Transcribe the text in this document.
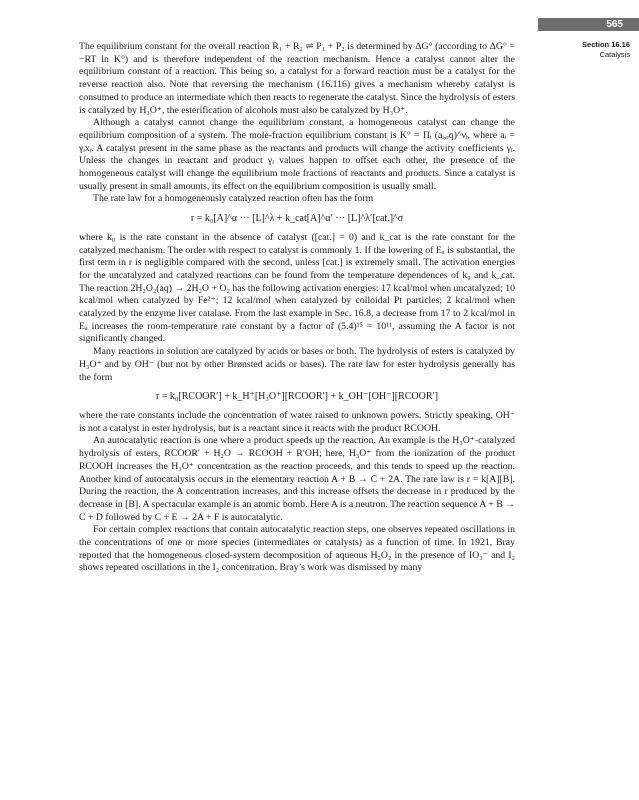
565
Section 16.16
Catalysis

The equilibrium constant for the overall reaction R₁ + R₂ ⇌ P₁ + P₂ is determined by ΔG° (according to ΔG° = −RT ln K°) and is therefore independent of the reaction mechanism. Hence a catalyst cannot alter the equilibrium constant of a reaction. This being so, a catalyst for a forward reaction must be a catalyst for the reverse reaction also. Note that reversing the mechanism (16.116) gives a mechanism whereby catalyst is consumed to produce an intermediate which then reacts to regenerate the catalyst. Since the hydrolysis of esters is catalyzed by H₃O⁺, the esterification of alcohols must also be catalyzed by H₃O⁺.

Although a catalyst cannot change the equilibrium constant, a homogeneous catalyst can change the equilibrium composition of a system. The mole-fraction equilibrium constant is K° = Πᵢ (aᵢ,ₑq)^νᵢ, where aᵢ = γᵢxᵢ. A catalyst present in the same phase as the reactants and products will change the activity coefficients γᵢ. Unless the changes in reactant and product γᵢ values happen to offset each other, the presence of the homogeneous catalyst will change the equilibrium mole fractions of reactants and products. Since a catalyst is usually present in small amounts, its effect on the equilibrium composition is usually small.

The rate law for a homogeneously catalyzed reaction often has the form

r = k₀[A]^α ··· [L]^λ + k_cat[A]^α′ ··· [L]^λ′[cat.]^σ

where k₀ is the rate constant in the absence of catalyst ([cat.] = 0) and k_cat is the rate constant for the catalyzed mechanism. The order with respect to catalyst is commonly 1. If the lowering of Eₐ is substantial, the first term in r is negligible compared with the second, unless [cat.] is extremely small. The activation energies for the uncatalyzed and catalyzed reactions can be found from the temperature dependences of k₀ and k_cat. The reaction 2H₂O₂(aq) → 2H₂O + O₂ has the following activation energies: 17 kcal/mol when uncatalyzed; 10 kcal/mol when catalyzed by Fe²⁺; 12 kcal/mol when catalyzed by colloidal Pt particles; 2 kcal/mol when catalyzed by the enzyme liver catalase. From the last example in Sec. 16.8, a decrease from 17 to 2 kcal/mol in Eₐ increases the room-temperature rate constant by a factor of (5.4)¹⁵ = 10¹¹, assuming the A factor is not significantly changed.

Many reactions in solution are catalyzed by acids or bases or both. The hydrolysis of esters is catalyzed by H₃O⁺ and by OH⁻ (but not by other Brønsted acids or bases). The rate law for ester hydrolysis generally has the form

r = k₀[RCOOR′] + k_H⁺[H₃O⁺][RCOOR′] + k_OH⁻[OH⁻][RCOOR′]

where the rate constants include the concentration of water raised to unknown powers. Strictly speaking, OH⁻ is not a catalyst in ester hydrolysis, but is a reactant since it reacts with the product RCOOH.

An autocatalytic reaction is one where a product speeds up the reaction. An example is the H₃O⁺-catalyzed hydrolysis of esters, RCOOR′ + H₂O → RCOOH + R′OH; here, H₃O⁺ from the ionization of the product RCOOH increases the H₃O⁺ concentration as the reaction proceeds, and this tends to speed up the reaction. Another kind of autocatalysis occurs in the elementary reaction A + B → C + 2A. The rate law is r = k[A][B]. During the reaction, the A concentration increases, and this increase offsets the decrease in r produced by the decrease in [B]. A spectacular example is an atomic bomb. Here A is a neutron. The reaction sequence A + B → C + D followed by C + E → 2A + F is autocatalytic.

For certain complex reactions that contain autocatalytic reaction steps, one observes repeated oscillations in the concentrations of one or more species (intermediates or catalysts) as a function of time. In 1921, Bray reported that the homogeneous closed-system decomposition of aqueous H₂O₂ in the presence of IO₃⁻ and I₂ shows repeated oscillations in the I₂ concentration. Bray’s work was dismissed by many
